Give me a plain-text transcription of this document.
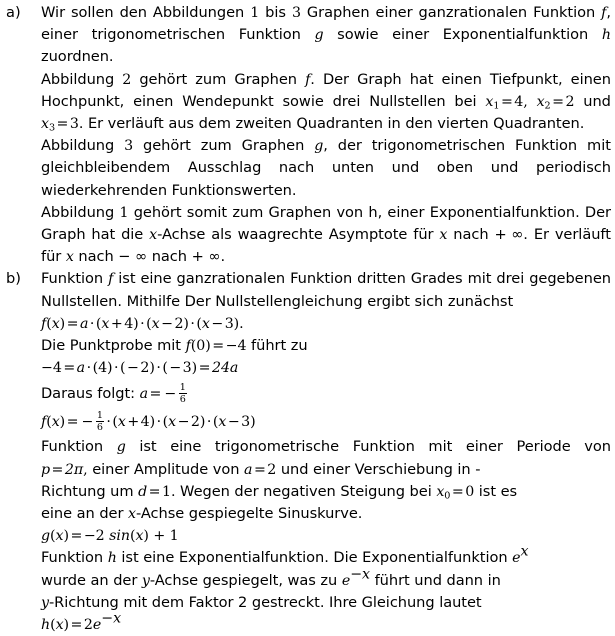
a)	Wir sollen den Abbildungen 1 bis 3 Graphen einer ganzrationalen Funktion f,
einer trigonometrischen Funktion g sowie einer Exponentialfunktion h
zuordnen.
Abbildung 2 gehört zum Graphen f. Der Graph hat einen Tiefpunkt, einen
Hochpunkt, einen Wendepunkt sowie drei Nullstellen bei $x_1 = 4$, $x_2 = 2$ und
$x_3 = 3$. Er verläuft aus dem zweiten Quadranten in den vierten Quadranten.
Abbildung 3 gehört zum Graphen g, der trigonometrischen Funktion mit
gleichbleibendem Ausschlag nach unten und oben und periodisch
wiederkehrenden Funktionswerten.
Abbildung 1 gehört somit zum Graphen von h, einer Exponentialfunktion. Der
Graph hat die x-Achse als waagrechte Asymptote für x nach + ∞. Er verläuft
für x nach − ∞ nach + ∞.
b)	Funktion f ist eine ganzrationalen Funktion dritten Grades mit drei gegebenen
Nullstellen. Mithilfe Der Nullstellengleichung ergibt sich zunächst
f(x) = a · (x + 4) · (x − 2) · (x − 3).
Die Punktprobe mit f(0) = −4 führt zu
−4 = a · (4) · ( − 2) · ( − 3) = 24a
Daraus folgt: a = − $\frac{1}{6}$
f(x) = − $\frac{1}{6} \cdot (x + 4) \cdot (x - 2) \cdot (x - 3)$
Funktion g ist eine trigonometrische Funktion mit einer Periode von
p = 2π, einer Amplitude von a = 2 und einer Verschiebung in -
Richtung um d = 1. Wegen der negativen Steigung bei $x_0 = 0$ ist es
eine an der x-Achse gespiegelte Sinuskurve.
g(x) = −2 sin(x) + 1
Funktion h ist eine Exponentialfunktion. Die Exponentialfunktion $e^x$
wurde an der y-Achse gespiegelt, was zu $e^{-x}$ führt und dann in
y-Richtung mit dem Faktor 2 gestreckt. Ihre Gleichung lautet
$h(x) = 2e^{-x}$
